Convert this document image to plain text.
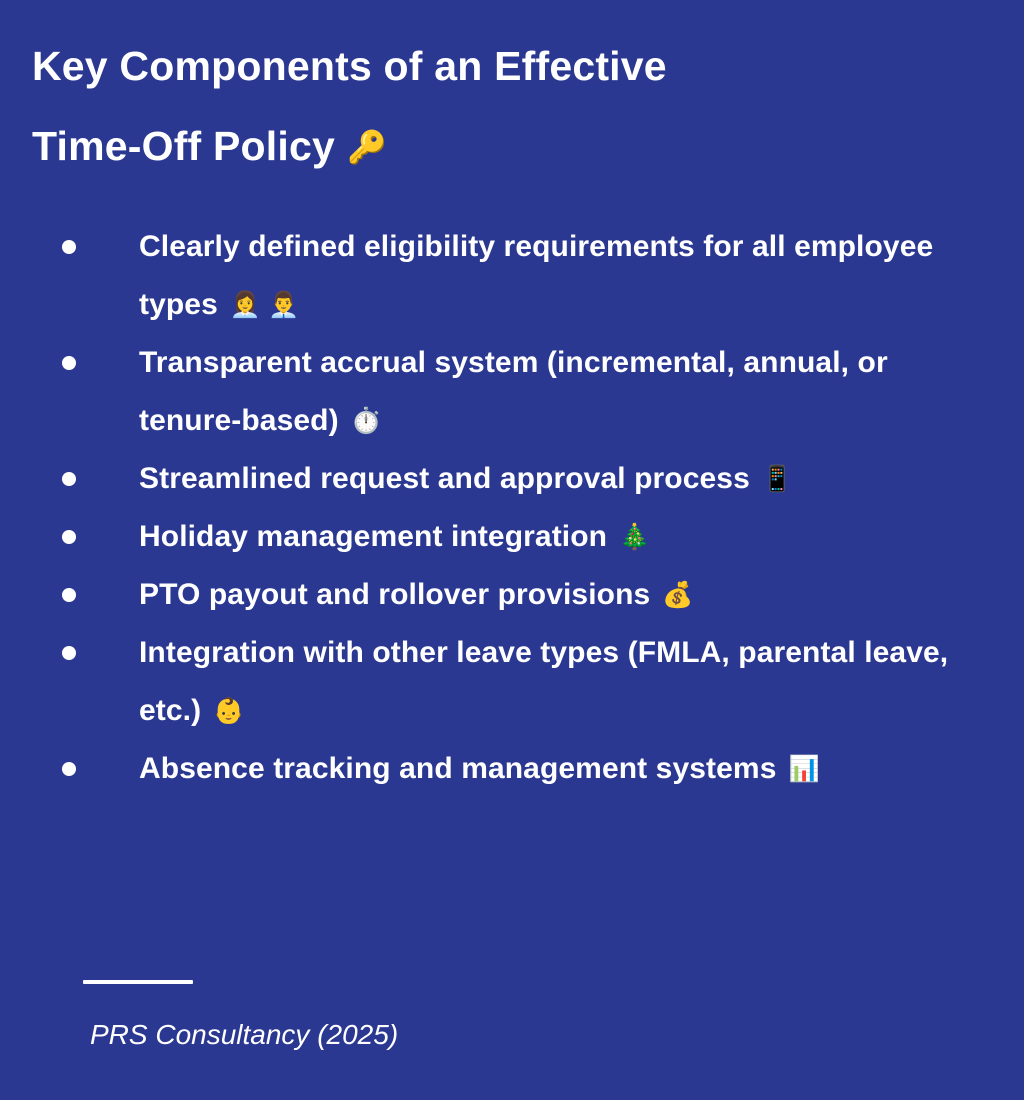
Key Components of an Effective
Time-Off Policy 🔑
Clearly defined eligibility requirements for all employee types 👩‍💼 👨‍💼
Transparent accrual system (incremental, annual, or tenure-based) ⏱️
Streamlined request and approval process 📱
Holiday management integration 🎄
PTO payout and rollover provisions 💰
Integration with other leave types (FMLA, parental leave, etc.) 👶
Absence tracking and management systems 📊

PRS Consultancy (2025)
